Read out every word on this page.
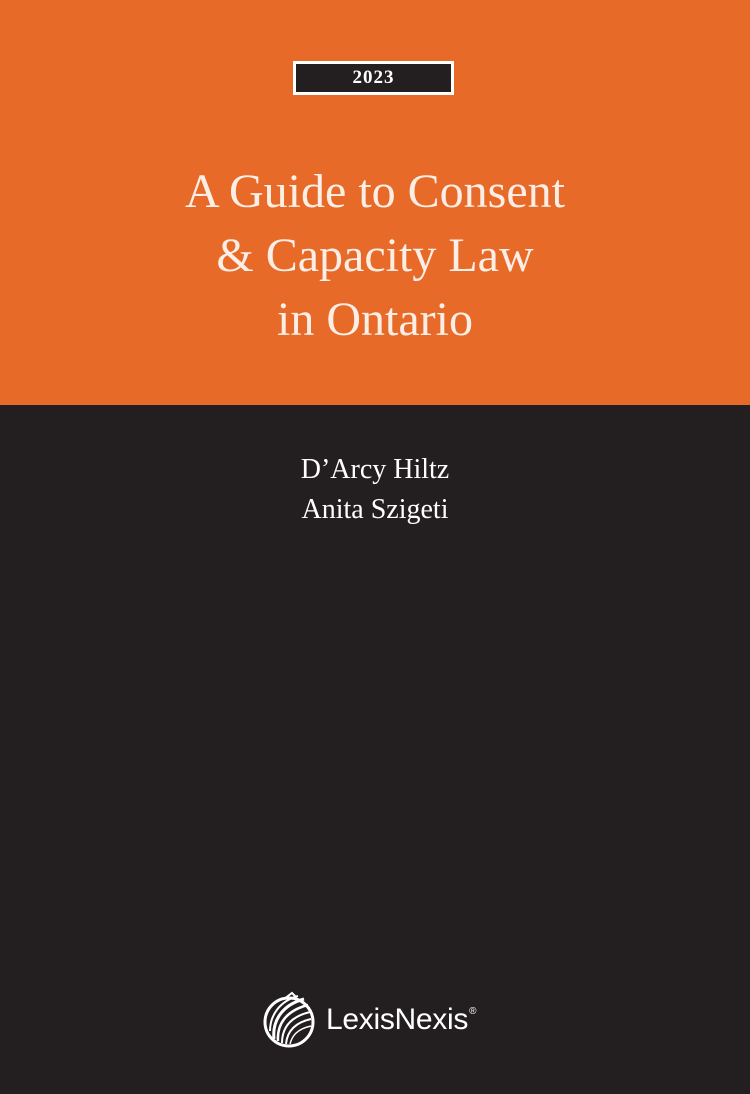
2023
A Guide to Consent
& Capacity Law
in Ontario
D’Arcy Hiltz
Anita Szigeti
LexisNexis ®
